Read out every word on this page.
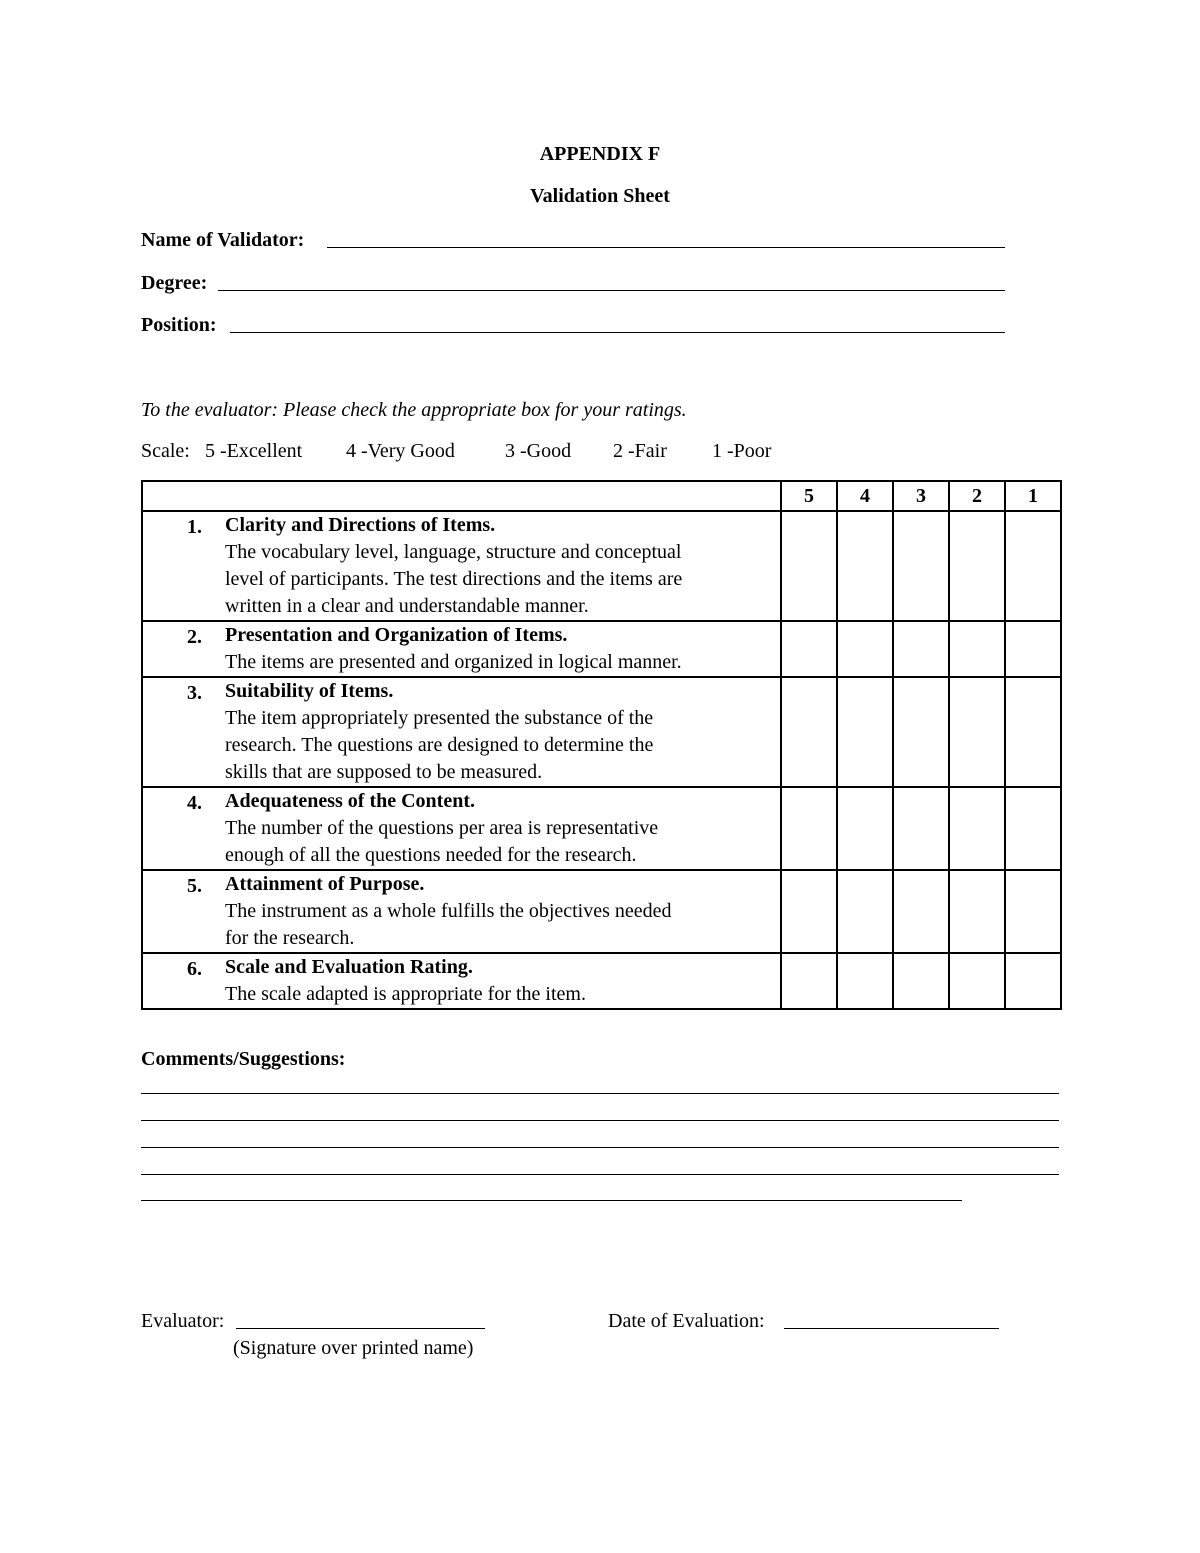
APPENDIX F
Validation Sheet
Name of Validator:
Degree:
Position:
To the evaluator: Please check the appropriate box for your ratings.
Scale: 5 -Excellent 4 -Very Good	3 -Good 2 -Fair 1 -Poor
	5	4	3	2	1

1. Clarity and Directions of Items.
The vocabulary level, language, structure and conceptual
level of participants. The test directions and the items are
written in a clear and understandable manner.					

2. Presentation and Organization of Items.
The items are presented and organized in logical manner.					

3. Suitability of Items.
The item appropriately presented the substance of the
research. The questions are designed to determine the
skills that are supposed to be measured.					

4. Adequateness of the Content.
The number of the questions per area is representative
enough of all the questions needed for the research.					

5. Attainment of Purpose.
The instrument as a whole fulfills the objectives needed
for the research.					

6. Scale and Evaluation Rating.
The scale adapted is appropriate for the item.					

Comments/Suggestions:
Evaluator:
(Signature over printed name)
Date of Evaluation:
